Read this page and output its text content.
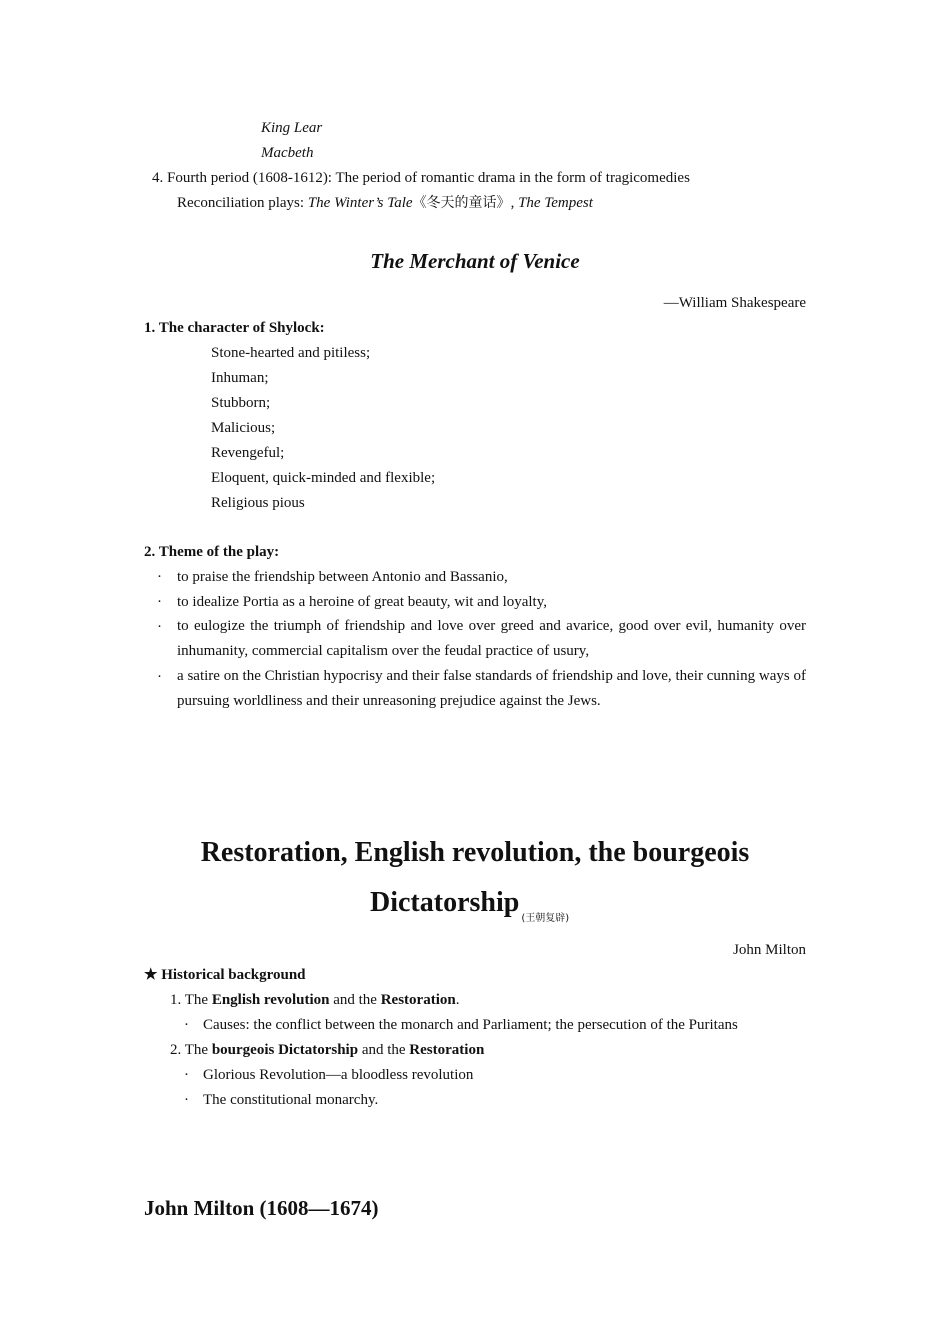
King Lear
Macbeth
4. Fourth period (1608-1612): The period of romantic drama in the form of tragicomedies
Reconciliation plays: The Winter’s Tale《冬天的童话》, The Tempest
The Merchant of Venice
—William Shakespeare
1. The character of Shylock:
Stone-hearted and pitiless;
Inhuman;
Stubborn;
Malicious;
Revengeful;
Eloquent, quick-minded and flexible;
Religious pious
2. Theme of the play:
· to praise the friendship between Antonio and Bassanio,
· to idealize Portia as a heroine of great beauty, wit and loyalty,
· to eulogize the triumph of friendship and love over greed and avarice, good over evil, humanity over inhumanity, commercial capitalism over the feudal practice of usury,
· a satire on the Christian hypocrisy and their false standards of friendship and love, their cunning ways of pursuing worldliness and their unreasoning prejudice against the Jews.
Restoration, English revolution, the bourgeois
Dictatorship$_{(王朝复辟)}$
John Milton
★ Historical background
1. The English revolution and the Restoration.
· Causes: the conflict between the monarch and Parliament; the persecution of the Puritans
2. The bourgeois Dictatorship and the Restoration
· Glorious Revolution—a bloodless revolution
· The constitutional monarchy.
John Milton (1608—1674)
